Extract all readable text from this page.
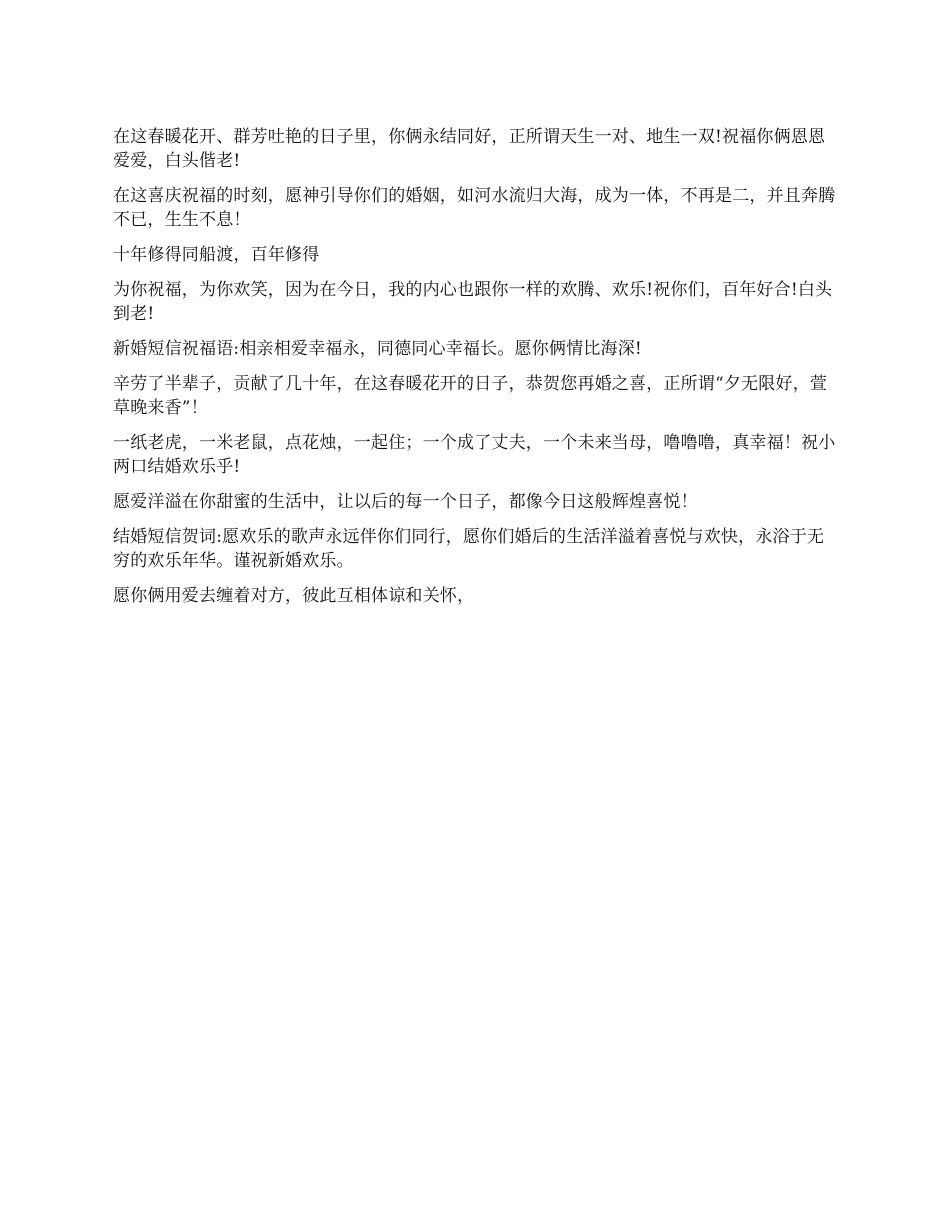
在这春暖花开、群芳吐艳的日子里，你俩永结同好，正所谓天生一对、地生一双!祝福你俩恩恩爱爱，白头偕老!

在这喜庆祝福的时刻，愿神引导你们的婚姻，如河水流归大海，成为一体，不再是二，并且奔腾不已，生生不息！

十年修得同船渡，百年修得

为你祝福，为你欢笑，因为在今日，我的内心也跟你一样的欢腾、欢乐!祝你们，百年好合!白头到老!

新婚短信祝福语:相亲相爱幸福永，同德同心幸福长。愿你俩情比海深!

辛劳了半辈子，贡献了几十年，在这春暖花开的日子，恭贺您再婚之喜，正所谓“夕无限好，萱草晚来香”！

一纸老虎，一米老鼠，点花烛，一起住；一个成了丈夫，一个未来当母，噜噜噜，真幸福！祝小两口结婚欢乐乎!

愿爱洋溢在你甜蜜的生活中，让以后的每一个日子，都像今日这般辉煌喜悦！

结婚短信贺词:愿欢乐的歌声永远伴你们同行，愿你们婚后的生活洋溢着喜悦与欢快，永浴于无穷的欢乐年华。谨祝新婚欢乐。

愿你俩用爱去缠着对方，彼此互相体谅和关怀，
